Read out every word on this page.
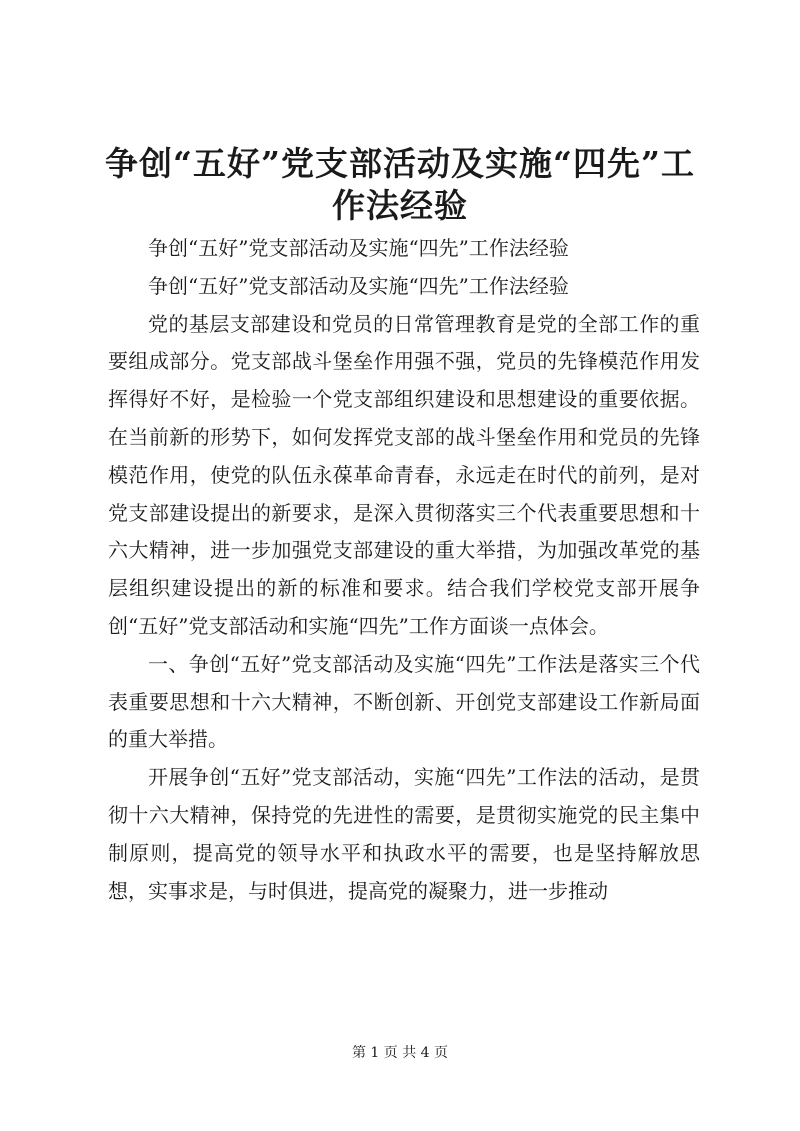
争创“五好”党支部活动及实施“四先”工作法经验

争创“五好”党支部活动及实施“四先”工作法经验

争创“五好”党支部活动及实施“四先”工作法经验

党的基层支部建设和党员的日常管理教育是党的全部工作的重要组成部分。党支部战斗堡垒作用强不强，党员的先锋模范作用发挥得好不好，是检验一个党支部组织建设和思想建设的重要依据。在当前新的形势下，如何发挥党支部的战斗堡垒作用和党员的先锋模范作用，使党的队伍永葆革命青春，永远走在时代的前列，是对党支部建设提出的新要求，是深入贯彻落实三个代表重要思想和十六大精神，进一步加强党支部建设的重大举措，为加强改革党的基层组织建设提出的新的标准和要求。结合我们学校党支部开展争创“五好”党支部活动和实施“四先”工作方面谈一点体会。

一、争创“五好”党支部活动及实施“四先”工作法是落实三个代表重要思想和十六大精神，不断创新、开创党支部建设工作新局面的重大举措。

开展争创“五好”党支部活动，实施“四先”工作法的活动，是贯彻十六大精神，保持党的先进性的需要，是贯彻实施党的民主集中制原则，提高党的领导水平和执政水平的需要，也是坚持解放思想，实事求是，与时俱进，提高党的凝聚力，进一步推动

第 1 页 共 4 页
